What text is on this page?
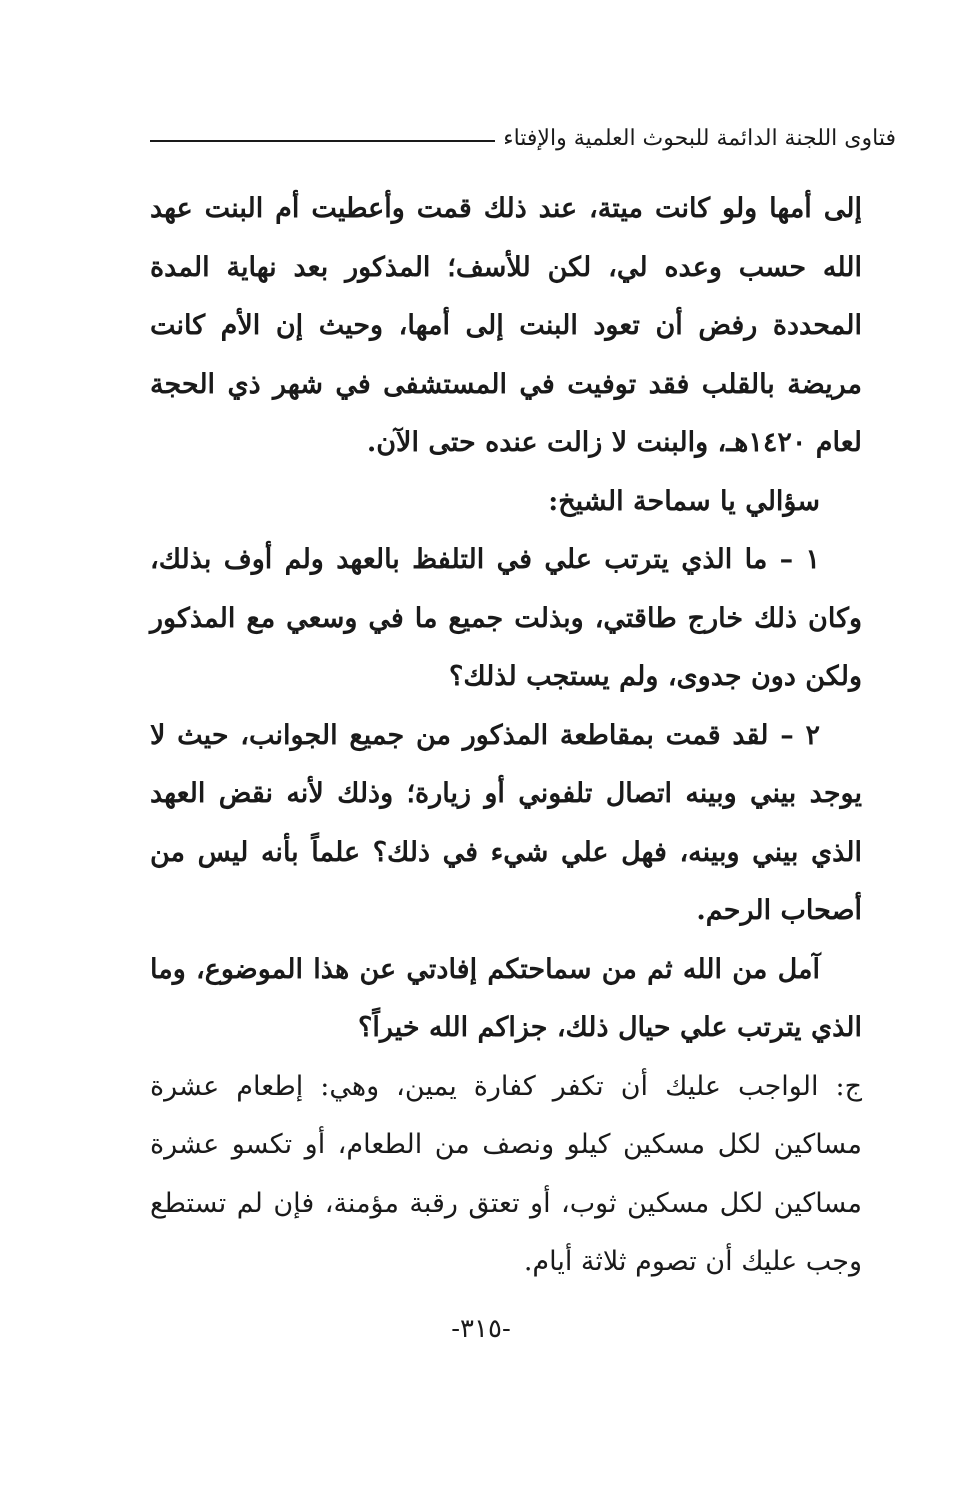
فتاوى اللجنة الدائمة للبحوث العلمية والإفتاء

إلى أمها ولو كانت ميتة، عند ذلك قمت وأعطيت أم البنت عهد الله حسب وعده لي، لكن للأسف؛ المذكور بعد نهاية المدة المحددة رفض أن تعود البنت إلى أمها، وحيث إن الأم كانت مريضة بالقلب فقد توفيت في المستشفى في شهر ذي الحجة لعام ١٤٢٠هـ، والبنت لا زالت عنده حتى الآن.

سؤالي يا سماحة الشيخ:

١ – ما الذي يترتب علي في التلفظ بالعهد ولم أوف بذلك، وكان ذلك خارج طاقتي، وبذلت جميع ما في وسعي مع المذكور ولكن دون جدوى، ولم يستجب لذلك؟

٢ – لقد قمت بمقاطعة المذكور من جميع الجوانب، حيث لا يوجد بيني وبينه اتصال تلفوني أو زيارة؛ وذلك لأنه نقض العهد الذي بيني وبينه، فهل علي شيء في ذلك؟ علماً بأنه ليس من أصحاب الرحم.

آمل من الله ثم من سماحتكم إفادتي عن هذا الموضوع، وما الذي يترتب علي حيال ذلك، جزاكم الله خيراً؟

ج: الواجب عليك أن تكفر كفارة يمين، وهي: إطعام عشرة مساكين لكل مسكين كيلو ونصف من الطعام، أو تكسو عشرة مساكين لكل مسكين ثوب، أو تعتق رقبة مؤمنة، فإن لم تستطع وجب عليك أن تصوم ثلاثة أيام.

-٣١٥-
